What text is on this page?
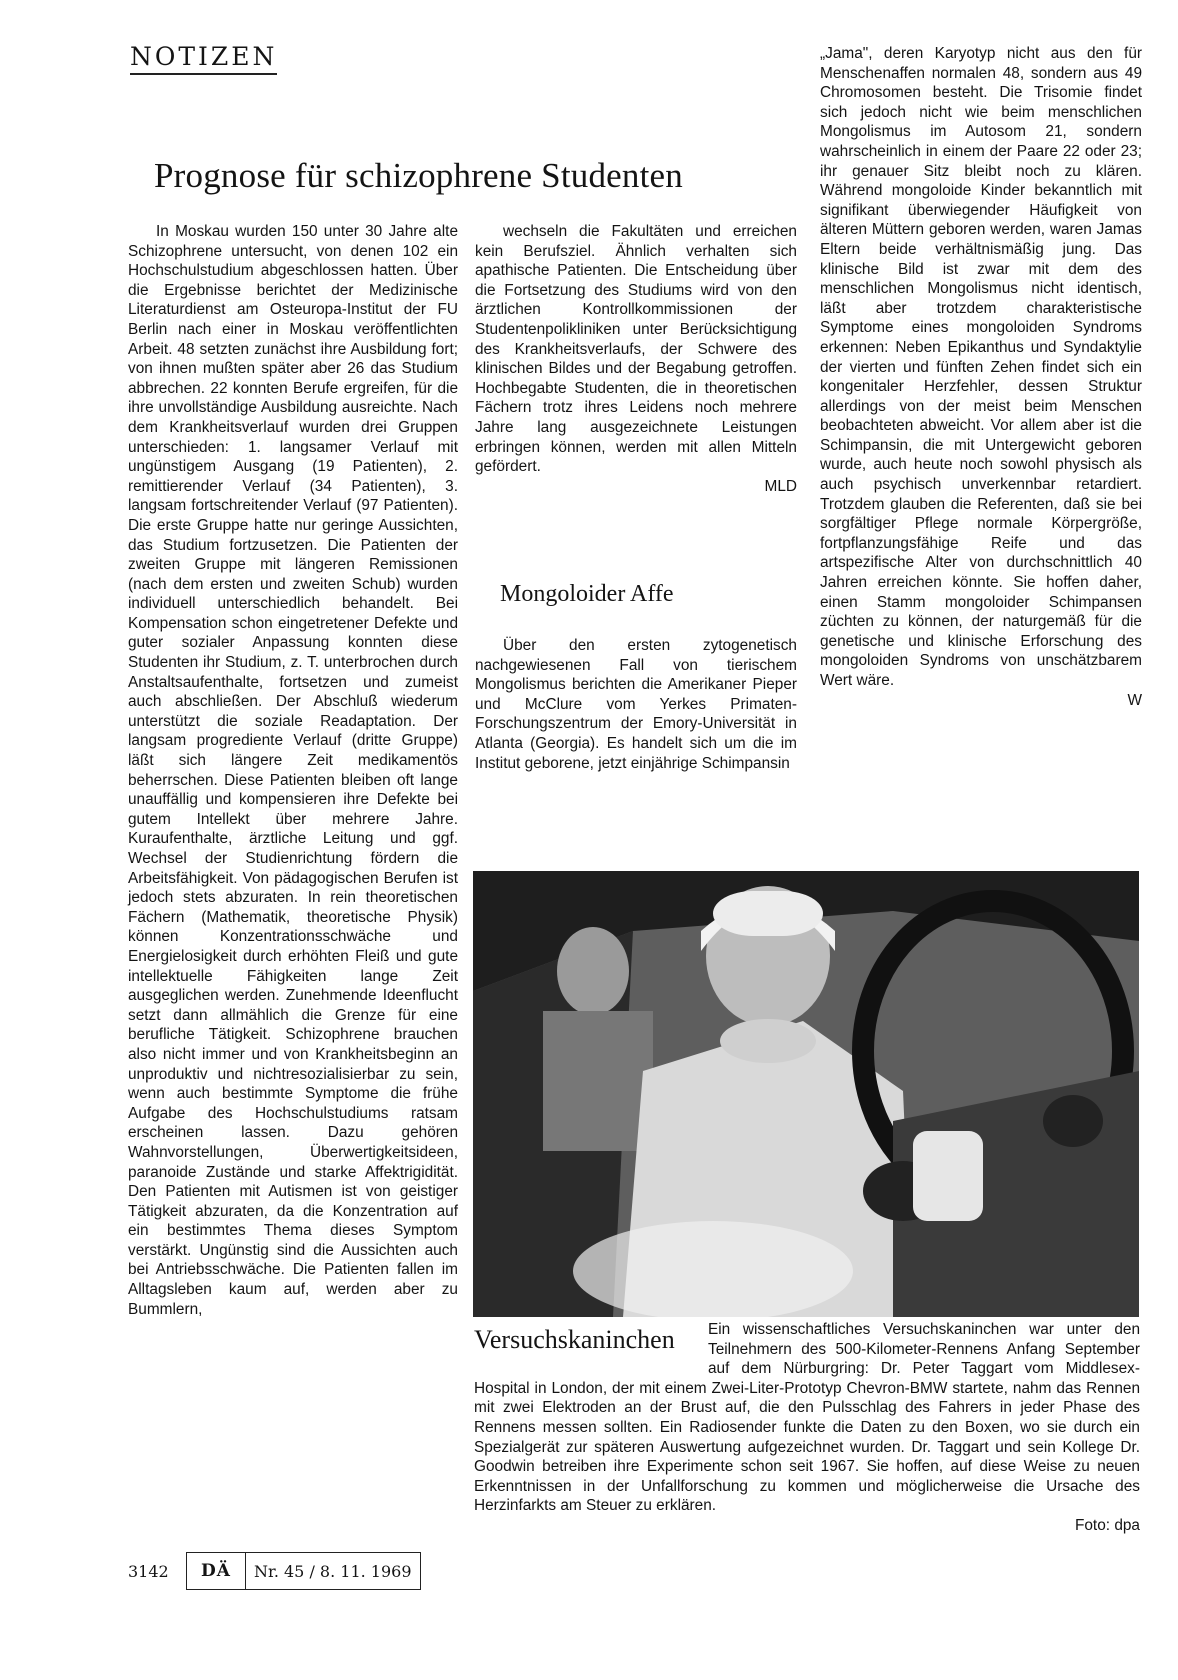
NOTIZEN
Prognose für schizophrene Studenten

In Moskau wurden 150 unter 30 Jahre alte Schizophrene untersucht, von denen 102 ein Hochschulstudium abgeschlossen hatten. Über die Ergebnisse berichtet der Medizinische Literaturdienst am Osteuropa-Institut der FU Berlin nach einer in Moskau veröffentlichten Arbeit. 48 setzten zunächst ihre Ausbildung fort; von ihnen mußten später aber 26 das Studium abbrechen. 22 konnten Berufe ergreifen, für die ihre unvollständige Ausbildung ausreichte. Nach dem Krankheitsverlauf wurden drei Gruppen unterschieden: 1. langsamer Verlauf mit ungünstigem Ausgang (19 Patienten), 2. remittierender Verlauf (34 Patienten), 3. langsam fortschreitender Verlauf (97 Patienten). Die erste Gruppe hatte nur geringe Aussichten, das Studium fortzusetzen. Die Patienten der zweiten Gruppe mit längeren Remissionen (nach dem ersten und zweiten Schub) wurden individuell unterschiedlich behandelt. Bei Kompensation schon eingetretener Defekte und guter sozialer Anpassung konnten diese Studenten ihr Studium, z. T. unterbrochen durch Anstaltsaufenthalte, fortsetzen und zumeist auch abschließen. Der Abschluß wiederum unterstützt die soziale Readaptation. Der langsam progrediente Verlauf (dritte Gruppe) läßt sich längere Zeit medikamentös beherrschen. Diese Patienten bleiben oft lange unauffällig und kompensieren ihre Defekte bei gutem Intellekt über mehrere Jahre. Kuraufenthalte, ärztliche Leitung und ggf. Wechsel der Studienrichtung fördern die Arbeitsfähigkeit. Von pädagogischen Berufen ist jedoch stets abzuraten. In rein theoretischen Fächern (Mathematik, theoretische Physik) können Konzentrationsschwäche und Energielosigkeit durch erhöhten Fleiß und gute intellektuelle Fähigkeiten lange Zeit ausgeglichen werden. Zunehmende Ideenflucht setzt dann allmählich die Grenze für eine berufliche Tätigkeit. Schizophrene brauchen also nicht immer und von Krankheitsbeginn an unproduktiv und nichtresozialisierbar zu sein, wenn auch bestimmte Symptome die frühe Aufgabe des Hochschulstudiums ratsam erscheinen lassen. Dazu gehören Wahnvorstellungen, Überwertigkeitsideen, paranoide Zustände und starke Affektrigidität. Den Patienten mit Autismen ist von geistiger Tätigkeit abzuraten, da die Konzentration auf ein bestimmtes Thema dieses Symptom verstärkt. Ungünstig sind die Aussichten auch bei Antriebsschwäche. Die Patienten fallen im Alltagsleben kaum auf, werden aber zu Bummlern,

wechseln die Fakultäten und erreichen kein Berufsziel. Ähnlich verhalten sich apathische Patienten. Die Entscheidung über die Fortsetzung des Studiums wird von den ärztlichen Kontrollkommissionen der Studentenpolikliniken unter Berücksichtigung des Krankheitsverlaufs, der Schwere des klinischen Bildes und der Begabung getroffen. Hochbegabte Studenten, die in theoretischen Fächern trotz ihres Leidens noch mehrere Jahre lang ausgezeichnete Leistungen erbringen können, werden mit allen Mitteln gefördert.

MLD
Mongoloider Affe

Über den ersten zytogenetisch nachgewiesenen Fall von tierischem Mongolismus berichten die Amerikaner Pieper und McClure vom Yerkes Primaten-Forschungszentrum der Emory-Universität in Atlanta (Georgia). Es handelt sich um die im Institut geborene, jetzt einjährige Schimpansin

„Jama", deren Karyotyp nicht aus den für Menschenaffen normalen 48, sondern aus 49 Chromosomen besteht. Die Trisomie findet sich jedoch nicht wie beim menschlichen Mongolismus im Autosom 21, sondern wahrscheinlich in einem der Paare 22 oder 23; ihr genauer Sitz bleibt noch zu klären. Während mongoloide Kinder bekanntlich mit signifikant überwiegender Häufigkeit von älteren Müttern geboren werden, waren Jamas Eltern beide verhältnismäßig jung. Das klinische Bild ist zwar mit dem des menschlichen Mongolismus nicht identisch, läßt aber trotzdem charakteristische Symptome eines mongoloiden Syndroms erkennen: Neben Epikanthus und Syndaktylie der vierten und fünften Zehen findet sich ein kongenitaler Herzfehler, dessen Struktur allerdings von der meist beim Menschen beobachteten abweicht. Vor allem aber ist die Schimpansin, die mit Untergewicht geboren wurde, auch heute noch sowohl physisch als auch psychisch unverkennbar retardiert. Trotzdem glauben die Referenten, daß sie bei sorgfältiger Pflege normale Körpergröße, fortpflanzungsfähige Reife und das artspezifische Alter von durchschnittlich 40 Jahren erreichen könnte. Sie hoffen daher, einen Stamm mongoloider Schimpansen züchten zu können, der naturgemäß für die genetische und klinische Erforschung des mongoloiden Syndroms von unschätzbarem Wert wäre.

W
Ein wissenschaftliches Versuchskaninchen war unter den Teilnehmern des 500-Kilometer-Rennens Anfang September auf dem Nürburgring: Dr. Peter Taggart vom Middlesex-Hospital in London, der mit einem Zwei-Liter-Prototyp Chevron-BMW startete, nahm das Rennen mit zwei Elektroden an der Brust auf, die den Pulsschlag des Fahrers in jeder Phase des Rennens messen sollten. Ein Radiosender funkte die Daten zu den Boxen, wo sie durch ein Spezialgerät zur späteren Auswertung aufgezeichnet wurden. Dr. Taggart und sein Kollege Dr. Goodwin betreiben ihre Experimente schon seit 1967. Sie hoffen, auf diese Weise zu neuen Erkenntnissen in der Unfallforschung zu kommen und möglicherweise die Ursache des Herzinfarkts am Steuer zu erklären.
Foto: dpa
Versuchskaninchen
3142	DÄ	Nr. 45 / 8. 11. 1969
